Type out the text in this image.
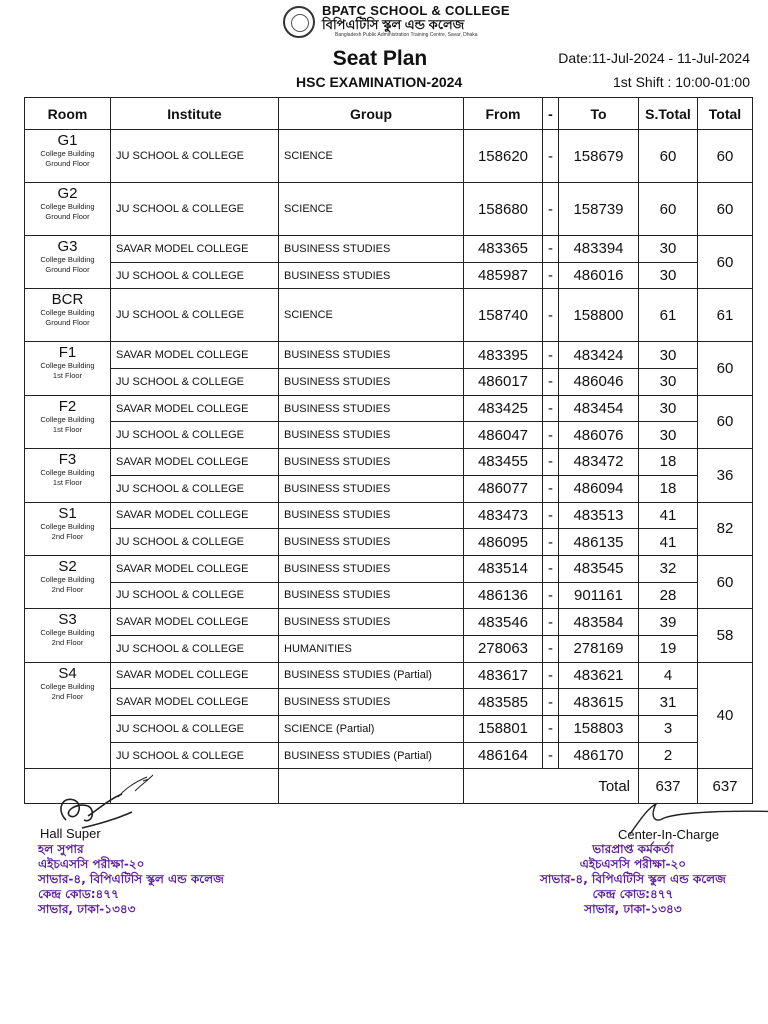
BPATC SCHOOL & COLLEGE
বিপিএটিসি স্কুল এন্ড কলেজ
Bangladesh Public Administration Training Centre, Savar, Dhaka
Seat Plan
HSC EXAMINATION-2024
Date:11-Jul-2024 - 11-Jul-2024
1st Shift : 10:00-01:00
Room	Institute	Group	From	-	To	S.Total	Total

G1
College Building
Ground Floor	JU SCHOOL & COLLEGE	SCIENCE	158620	-	158679	60	60

G2
College Building
Ground Floor	JU SCHOOL & COLLEGE	SCIENCE	158680	-	158739	60	60

G3
College Building
Ground Floor	SAVAR MODEL COLLEGE	BUSINESS STUDIES	483365	-	483394	30	60
	JU SCHOOL & COLLEGE	BUSINESS STUDIES	485987	-	486016	30	

BCR
College Building
Ground Floor	JU SCHOOL & COLLEGE	SCIENCE	158740	-	158800	61	61

F1
College Building
1st Floor	SAVAR MODEL COLLEGE	BUSINESS STUDIES	483395	-	483424	30	60
	JU SCHOOL & COLLEGE	BUSINESS STUDIES	486017	-	486046	30	

F2
College Building
1st Floor	SAVAR MODEL COLLEGE	BUSINESS STUDIES	483425	-	483454	30	60
	JU SCHOOL & COLLEGE	BUSINESS STUDIES	486047	-	486076	30	

F3
College Building
1st Floor	SAVAR MODEL COLLEGE	BUSINESS STUDIES	483455	-	483472	18	36
	JU SCHOOL & COLLEGE	BUSINESS STUDIES	486077	-	486094	18	

S1
College Building
2nd Floor	SAVAR MODEL COLLEGE	BUSINESS STUDIES	483473	-	483513	41	82
	JU SCHOOL & COLLEGE	BUSINESS STUDIES	486095	-	486135	41	

S2
College Building
2nd Floor	SAVAR MODEL COLLEGE	BUSINESS STUDIES	483514	-	483545	32	60
	JU SCHOOL & COLLEGE	BUSINESS STUDIES	486136	-	901161	28	

S3
College Building
2nd Floor	SAVAR MODEL COLLEGE	BUSINESS STUDIES	483546	-	483584	39	58
	JU SCHOOL & COLLEGE	HUMANITIES	278063	-	278169	19	

S4
College Building
2nd Floor	SAVAR MODEL COLLEGE	BUSINESS STUDIES (Partial)	483617	-	483621	4	40
	SAVAR MODEL COLLEGE	BUSINESS STUDIES	483585	-	483615	31	
	JU SCHOOL & COLLEGE	SCIENCE (Partial)	158801	-	158803	3	
	JU SCHOOL & COLLEGE	BUSINESS STUDIES (Partial)	486164	-	486170	2	

				Total	637	637
Hall Super
হল সুপার
এইচএসসি পরীক্ষা-২০
সাভার-৪, বিপিএটিসি স্কুল এন্ড কলেজ
কেন্দ্র কোড:৪৭৭
সাভার, ঢাকা-১৩৪৩
Center-In-Charge
ভারপ্রাপ্ত কর্মকর্তা
এইচএসসি পরীক্ষা-২০
সাভার-৪, বিপিএটিসি স্কুল এন্ড কলেজ
কেন্দ্র কোড:৪৭৭
সাভার, ঢাকা-১৩৪৩
